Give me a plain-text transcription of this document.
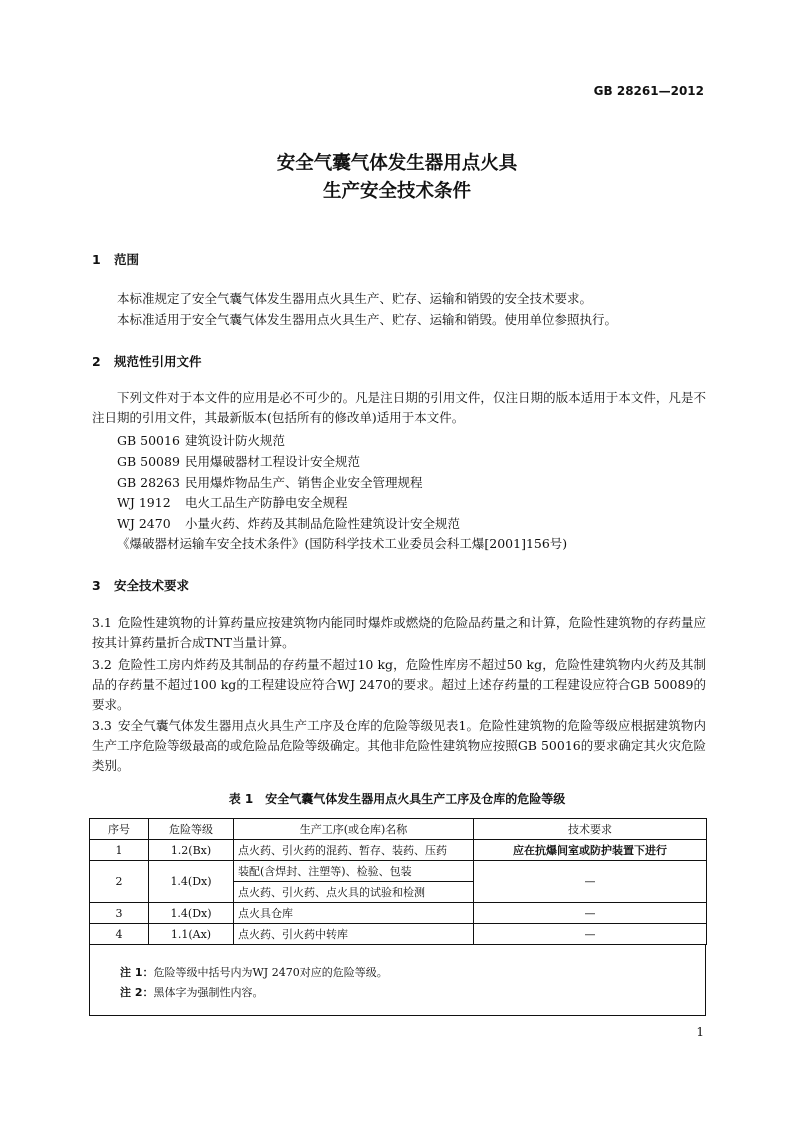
GB 28261—2012
安全气囊气体发生器用点火具
生产安全技术条件
1 范围
本标准规定了安全气囊气体发生器用点火具生产、贮存、运输和销毁的安全技术要求。
本标准适用于安全气囊气体发生器用点火具生产、贮存、运输和销毁。使用单位参照执行。
2 规范性引用文件
下列文件对于本文件的应用是必不可少的。凡是注日期的引用文件，仅注日期的版本适用于本文件，凡是不注日期的引用文件，其最新版本(包括所有的修改单)适用于本文件。
GB 50016 建筑设计防火规范
GB 50089 民用爆破器材工程设计安全规范
GB 28263 民用爆炸物品生产、销售企业安全管理规程
WJ 1912 电火工品生产防静电安全规程
WJ 2470 小量火药、炸药及其制品危险性建筑设计安全规范
《爆破器材运输车安全技术条件》(国防科学技术工业委员会科工爆[2001]156号)
3 安全技术要求
3.1 危险性建筑物的计算药量应按建筑物内能同时爆炸或燃烧的危险品药量之和计算，危险性建筑物的存药量应按其计算药量折合成TNT当量计算。
3.2 危险性工房内炸药及其制品的存药量不超过10 kg，危险性库房不超过50 kg，危险性建筑物内火药及其制品的存药量不超过100 kg的工程建设应符合WJ 2470的要求。超过上述存药量的工程建设应符合GB 50089的要求。
3.3 安全气囊气体发生器用点火具生产工序及仓库的危险等级见表1。危险性建筑物的危险等级应根据建筑物内生产工序危险等级最高的或危险品危险等级确定。其他非危险性建筑物应按照GB 50016的要求确定其火灾危险类别。
表 1　安全气囊气体发生器用点火具生产工序及仓库的危险等级
序号	危险等级	生产工序(或仓库)名称	技术要求
1	1.2(Bx)	点火药、引火药的混药、暂存、装药、压药	应在抗爆间室或防护装置下进行
2	1.4(Dx)	装配(含焊封、注塑等)、检验、包装	—
		点火药、引火药、点火具的试验和检测	
3	1.4(Dx)	点火具仓库	—
4	1.1(Ax)	点火药、引火药中转库	—
注 1：危险等级中括号内为WJ 2470对应的危险等级。
注 2：黑体字为强制性内容。
1
